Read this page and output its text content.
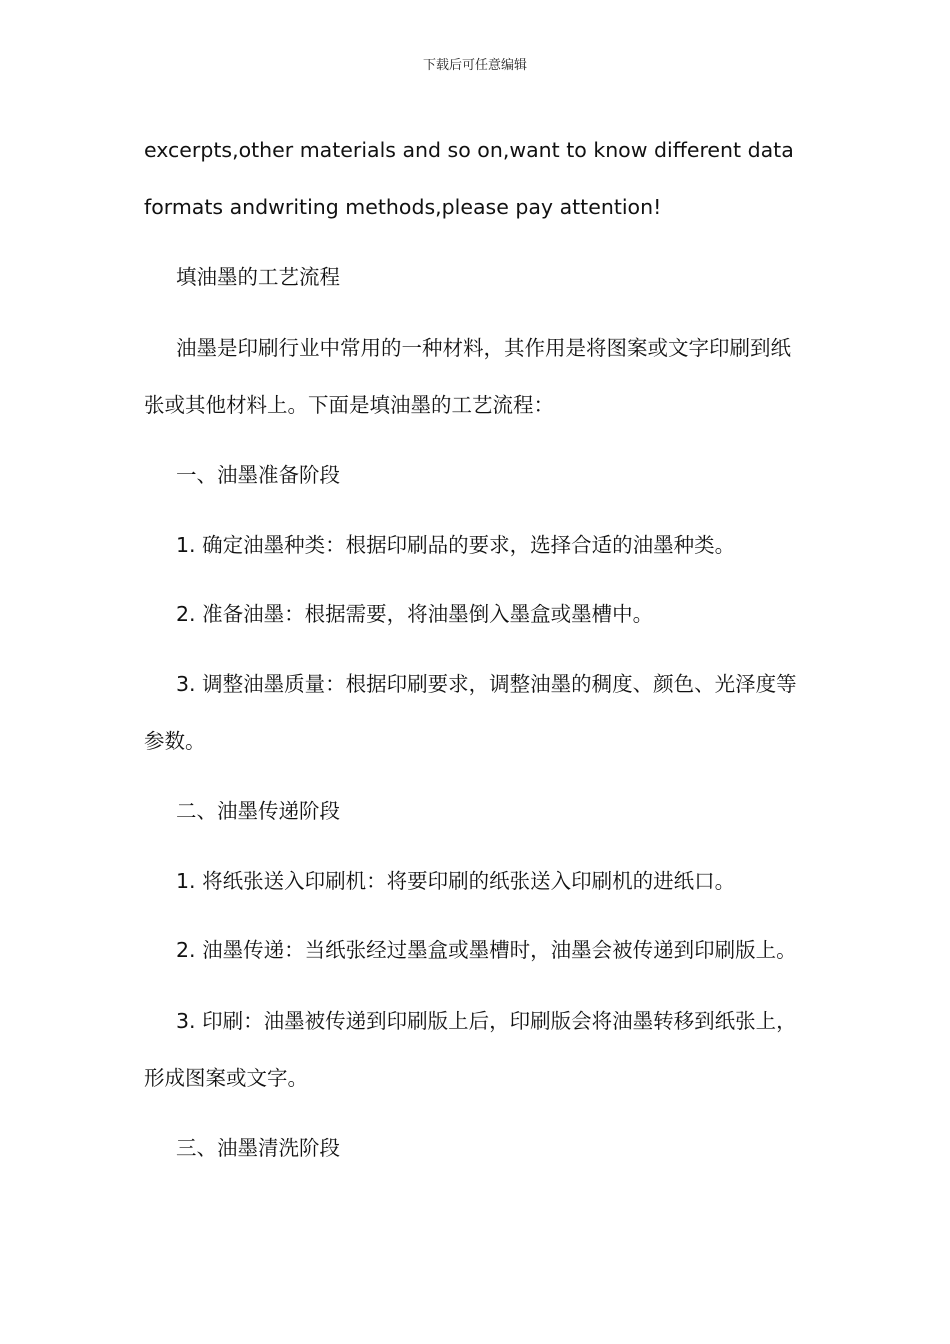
下载后可任意编辑
excerpts,other materials and so on,want to know different data
formats andwriting methods,please pay attention!
填油墨的工艺流程
油墨是印刷行业中常用的一种材料，其作用是将图案或文字印刷到纸
张或其他材料上。下面是填油墨的工艺流程：
一、油墨准备阶段
1. 确定油墨种类：根据印刷品的要求，选择合适的油墨种类。
2. 准备油墨：根据需要，将油墨倒入墨盒或墨槽中。
3. 调整油墨质量：根据印刷要求，调整油墨的稠度、颜色、光泽度等
参数。
二、油墨传递阶段
1. 将纸张送入印刷机：将要印刷的纸张送入印刷机的进纸口。
2. 油墨传递：当纸张经过墨盒或墨槽时，油墨会被传递到印刷版上。
3. 印刷：油墨被传递到印刷版上后，印刷版会将油墨转移到纸张上，
形成图案或文字。
三、油墨清洗阶段
